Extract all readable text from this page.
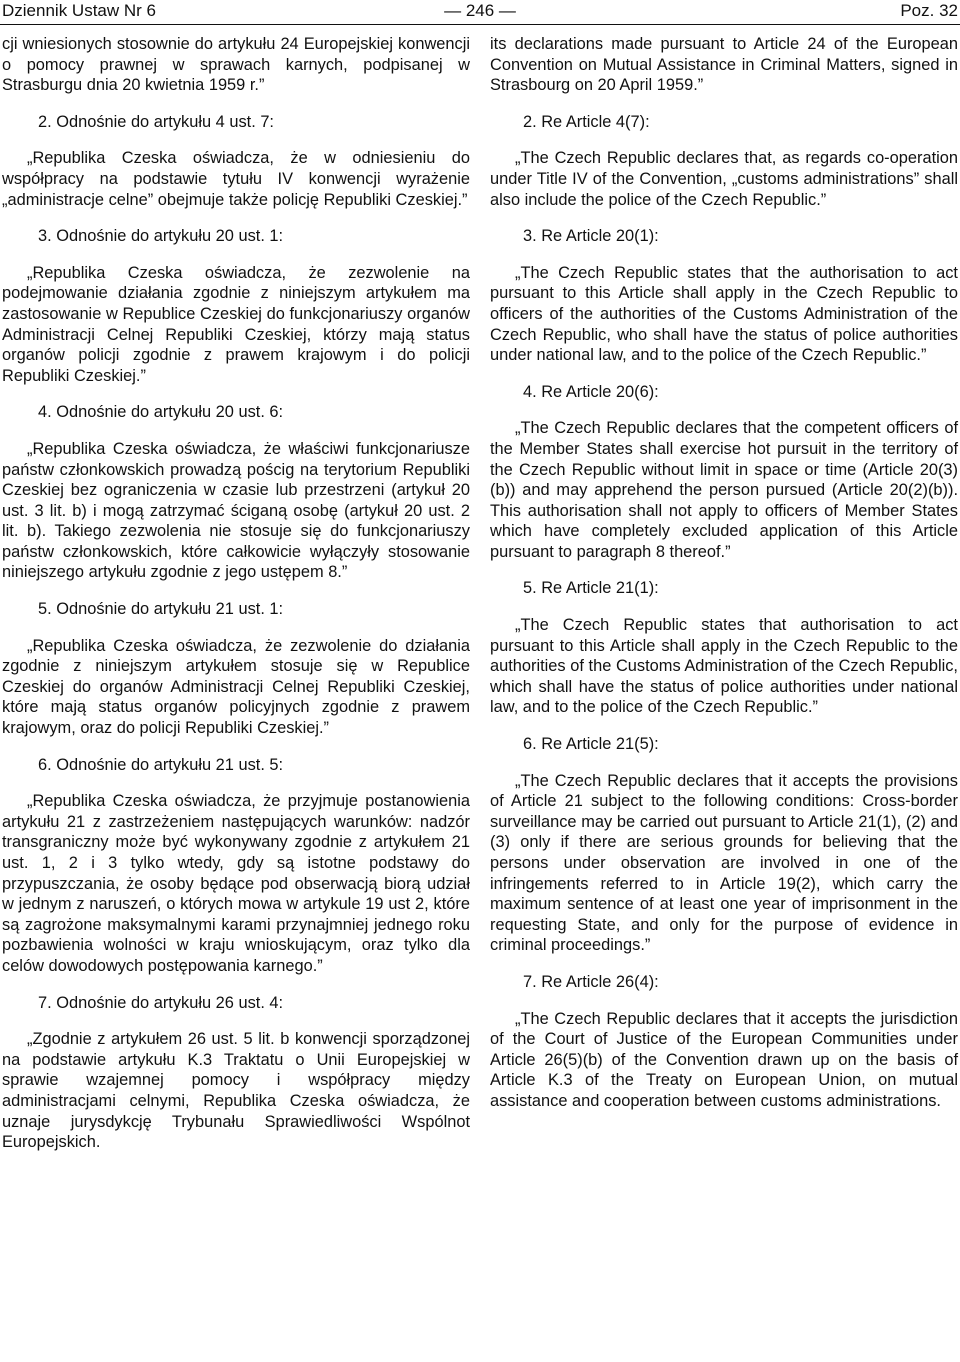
— 246 —
Dziennik Ustaw Nr 6	Poz. 32

cji wniesionych stosownie do artykułu 24 Europejskiej konwencji o pomocy prawnej w sprawach karnych, podpisanej w Strasburgu dnia 20 kwietnia 1959 r.”

2. Odnośnie do artykułu 4 ust. 7:

„Republika Czeska oświadcza, że w odniesieniu do współpracy na podstawie tytułu IV konwencji wyrażenie „administracje celne” obejmuje także policję Republiki Czeskiej.”

3. Odnośnie do artykułu 20 ust. 1:

„Republika Czeska oświadcza, że zezwolenie na podejmowanie działania zgodnie z niniejszym artykułem ma zastosowanie w Republice Czeskiej do funkcjonariuszy organów Administracji Celnej Republiki Czeskiej, którzy mają status organów policji zgodnie z prawem krajowym i do policji Republiki Czeskiej.”

4. Odnośnie do artykułu 20 ust. 6:

„Republika Czeska oświadcza, że właściwi funkcjonariusze państw członkowskich prowadzą pościg na terytorium Republiki Czeskiej bez ograniczenia w czasie lub przestrzeni (artykuł 20 ust. 3 lit. b) i mogą zatrzymać ściganą osobę (artykuł 20 ust. 2 lit. b). Takiego zezwolenia nie stosuje się do funkcjonariuszy państw członkowskich, które całkowicie wyłączyły stosowanie niniejszego artykułu zgodnie z jego ustępem 8.”

5. Odnośnie do artykułu 21 ust. 1:

„Republika Czeska oświadcza, że zezwolenie do działania zgodnie z niniejszym artykułem stosuje się w Republice Czeskiej do organów Administracji Celnej Republiki Czeskiej, które mają status organów policyjnych zgodnie z prawem krajowym, oraz do policji Republiki Czeskiej.”

6. Odnośnie do artykułu 21 ust. 5:

„Republika Czeska oświadcza, że przyjmuje postanowienia artykułu 21 z zastrzeżeniem następujących warunków: nadzór transgraniczny może być wykonywany zgodnie z artykułem 21 ust. 1, 2 i 3 tylko wtedy, gdy są istotne podstawy do przypuszczania, że osoby będące pod obserwacją biorą udział w jednym z naruszeń, o których mowa w artykule 19 ust 2, które są zagrożone maksymalnymi karami przynajmniej jednego roku pozbawienia wolności w kraju wnioskującym, oraz tylko dla celów dowodowych postępowania karnego.”

7. Odnośnie do artykułu 26 ust. 4:

„Zgodnie z artykułem 26 ust. 5 lit. b konwencji sporządzonej na podstawie artykułu K.3 Traktatu o Unii Europejskiej w sprawie wzajemnej pomocy i współpracy między administracjami celnymi, Republika Czeska oświadcza, że uznaje jurysdykcję Trybunału Sprawiedliwości Wspólnot Europejskich.

its declarations made pursuant to Article 24 of the European Convention on Mutual Assistance in Criminal Matters, signed in Strasbourg on 20 April 1959.”

2. Re Article 4(7):

„The Czech Republic declares that, as regards co-operation under Title IV of the Convention, „customs administrations” shall also include the police of the Czech Republic.”

3. Re Article 20(1):

„The Czech Republic states that the authorisation to act pursuant to this Article shall apply in the Czech Republic to officers of the authorities of the Customs Administration of the Czech Republic, who shall have the status of police authorities under national law, and to the police of the Czech Republic.”

4. Re Article 20(6):

„The Czech Republic declares that the competent officers of the Member States shall exercise hot pursuit in the territory of the Czech Republic without limit in space or time (Article 20(3)(b)) and may apprehend the person pursued (Article 20(2)(b)). This authorisation shall not apply to officers of Member States which have completely excluded application of this Article pursuant to paragraph 8 thereof.”

5. Re Article 21(1):

„The Czech Republic states that authorisation to act pursuant to this Article shall apply in the Czech Republic to the authorities of the Customs Administration of the Czech Republic, which shall have the status of police authorities under national law, and to the police of the Czech Republic.”

6. Re Article 21(5):

„The Czech Republic declares that it accepts the provisions of Article 21 subject to the following conditions: Cross-border surveillance may be carried out pursuant to Article 21(1), (2) and (3) only if there are serious grounds for believing that the persons under observation are involved in one of the infringements referred to in Article 19(2), which carry the maximum sentence of at least one year of imprisonment in the requesting State, and only for the purpose of evidence in criminal proceedings.”

7. Re Article 26(4):

„The Czech Republic declares that it accepts the jurisdiction of the Court of Justice of the European Communities under Article 26(5)(b) of the Convention drawn up on the basis of Article K.3 of the Treaty on European Union, on mutual assistance and cooperation between customs administrations.
